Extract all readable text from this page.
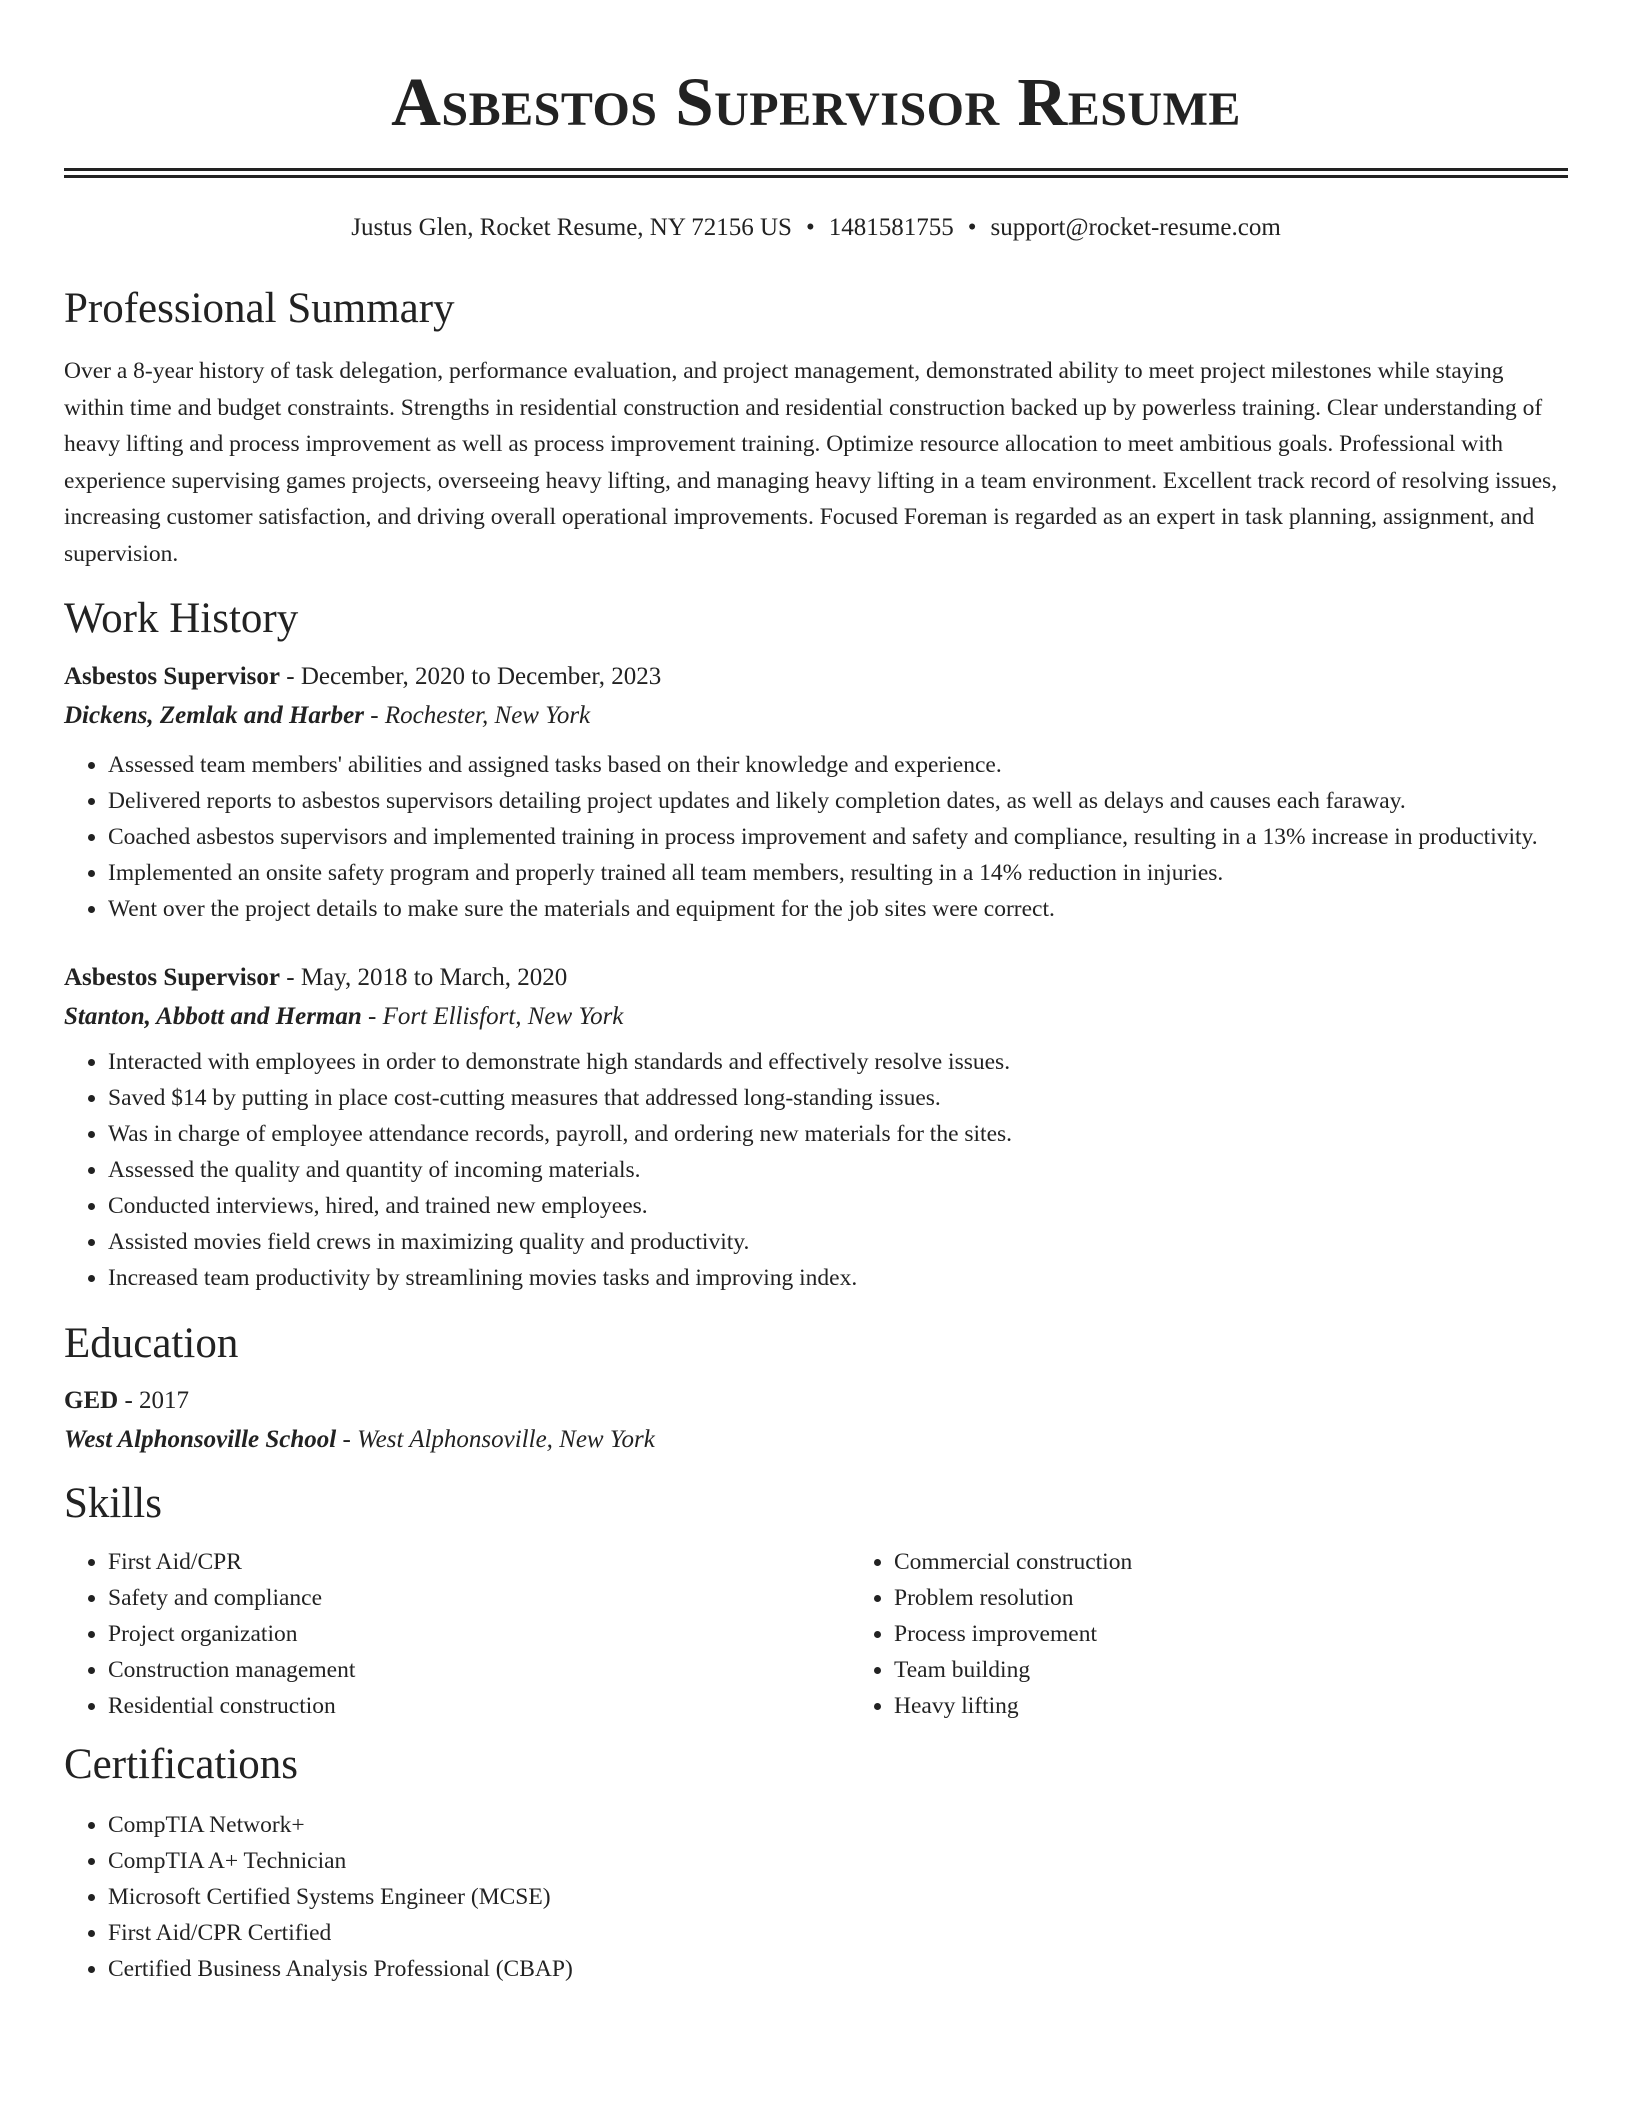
Asbestos Supervisor Resume
Justus Glen, Rocket Resume, NY 72156 US • 1481581755 • support@rocket-resume.com
Professional Summary

Over a 8-year history of task delegation, performance evaluation, and project management, demonstrated ability to meet project milestones while staying within time and budget constraints. Strengths in residential construction and residential construction backed up by powerless training. Clear understanding of heavy lifting and process improvement as well as process improvement training. Optimize resource allocation to meet ambitious goals. Professional with experience supervising games projects, overseeing heavy lifting, and managing heavy lifting in a team environment. Excellent track record of resolving issues, increasing customer satisfaction, and driving overall operational improvements. Focused Foreman is regarded as an expert in task planning, assignment, and supervision.

Work History
Asbestos Supervisor - December, 2020 to December, 2023
Dickens, Zemlak and Harber - Rochester, New York
• Assessed team members' abilities and assigned tasks based on their knowledge and experience.
• Delivered reports to asbestos supervisors detailing project updates and likely completion dates, as well as delays and causes each faraway.
• Coached asbestos supervisors and implemented training in process improvement and safety and compliance, resulting in a 13% increase in productivity.
• Implemented an onsite safety program and properly trained all team members, resulting in a 14% reduction in injuries.
• Went over the project details to make sure the materials and equipment for the job sites were correct.
Asbestos Supervisor - May, 2018 to March, 2020
Stanton, Abbott and Herman - Fort Ellisfort, New York
• Interacted with employees in order to demonstrate high standards and effectively resolve issues.
• Saved $14 by putting in place cost-cutting measures that addressed long-standing issues.
• Was in charge of employee attendance records, payroll, and ordering new materials for the sites.
• Assessed the quality and quantity of incoming materials.
• Conducted interviews, hired, and trained new employees.
• Assisted movies field crews in maximizing quality and productivity.
• Increased team productivity by streamlining movies tasks and improving index.
Education
GED - 2017
West Alphonsoville School - West Alphonsoville, New York
Skills
• First Aid/CPR
• Safety and compliance
• Project organization
• Construction management
• Residential construction
• Commercial construction
• Problem resolution
• Process improvement
• Team building
• Heavy lifting
Certifications
• CompTIA Network+
• CompTIA A+ Technician
• Microsoft Certified Systems Engineer (MCSE)
• First Aid/CPR Certified
• Certified Business Analysis Professional (CBAP)
